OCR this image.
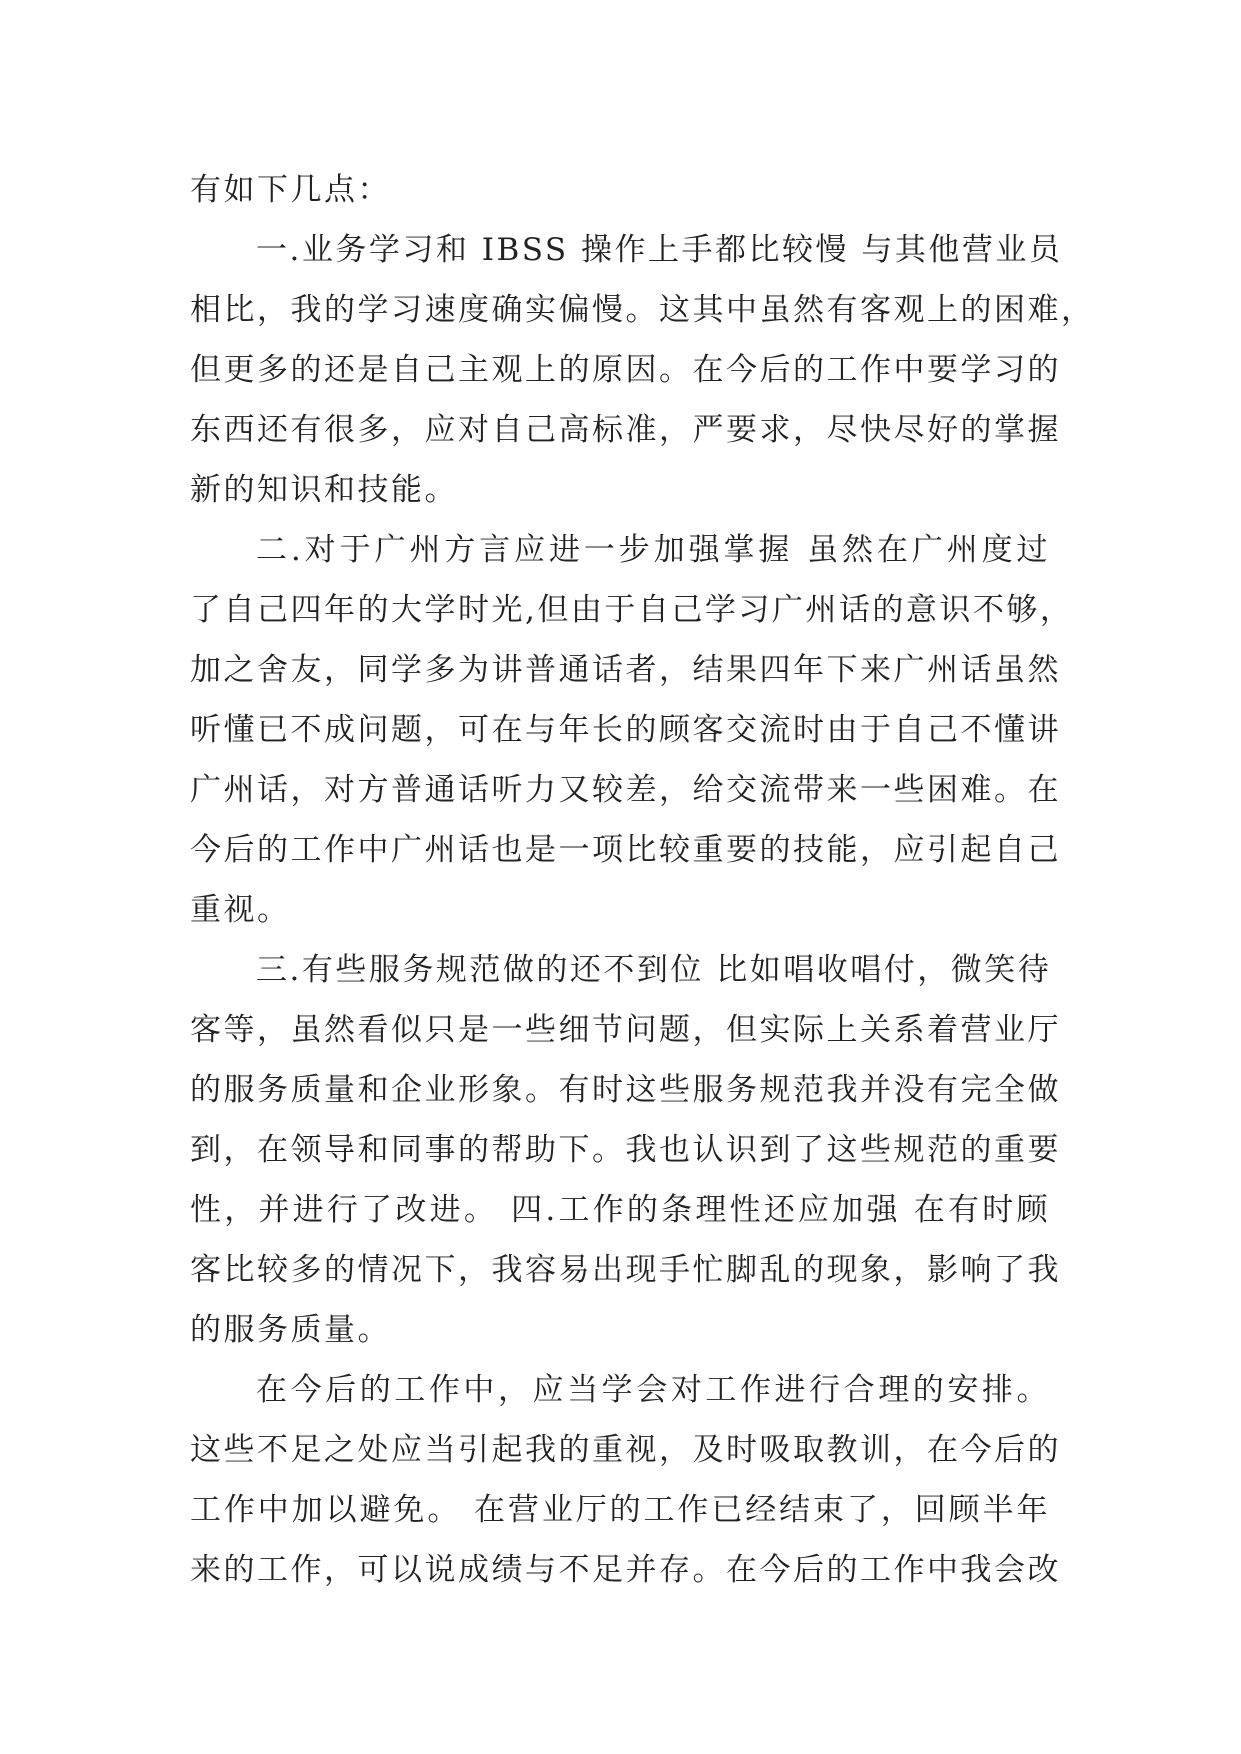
有如下几点：
一.业务学习和 IBSS 操作上手都比较慢 与其他营业员
相比，我的学习速度确实偏慢。这其中虽然有客观上的困难，
但更多的还是自己主观上的原因。在今后的工作中要学习的
东西还有很多，应对自己高标准，严要求，尽快尽好的掌握
新的知识和技能。
二.对于广州方言应进一步加强掌握 虽然在广州度过
了自己四年的大学时光,但由于自己学习广州话的意识不够，
加之舍友，同学多为讲普通话者，结果四年下来广州话虽然
听懂已不成问题，可在与年长的顾客交流时由于自己不懂讲
广州话，对方普通话听力又较差，给交流带来一些困难。在
今后的工作中广州话也是一项比较重要的技能，应引起自己
重视。
三.有些服务规范做的还不到位 比如唱收唱付，微笑待
客等，虽然看似只是一些细节问题，但实际上关系着营业厅
的服务质量和企业形象。有时这些服务规范我并没有完全做
到，在领导和同事的帮助下。我也认识到了这些规范的重要
性，并进行了改进。 四.工作的条理性还应加强 在有时顾
客比较多的情况下，我容易出现手忙脚乱的现象，影响了我
的服务质量。
在今后的工作中，应当学会对工作进行合理的安排。
这些不足之处应当引起我的重视，及时吸取教训，在今后的
工作中加以避免。 在营业厅的工作已经结束了，回顾半年
来的工作，可以说成绩与不足并存。在今后的工作中我会改
